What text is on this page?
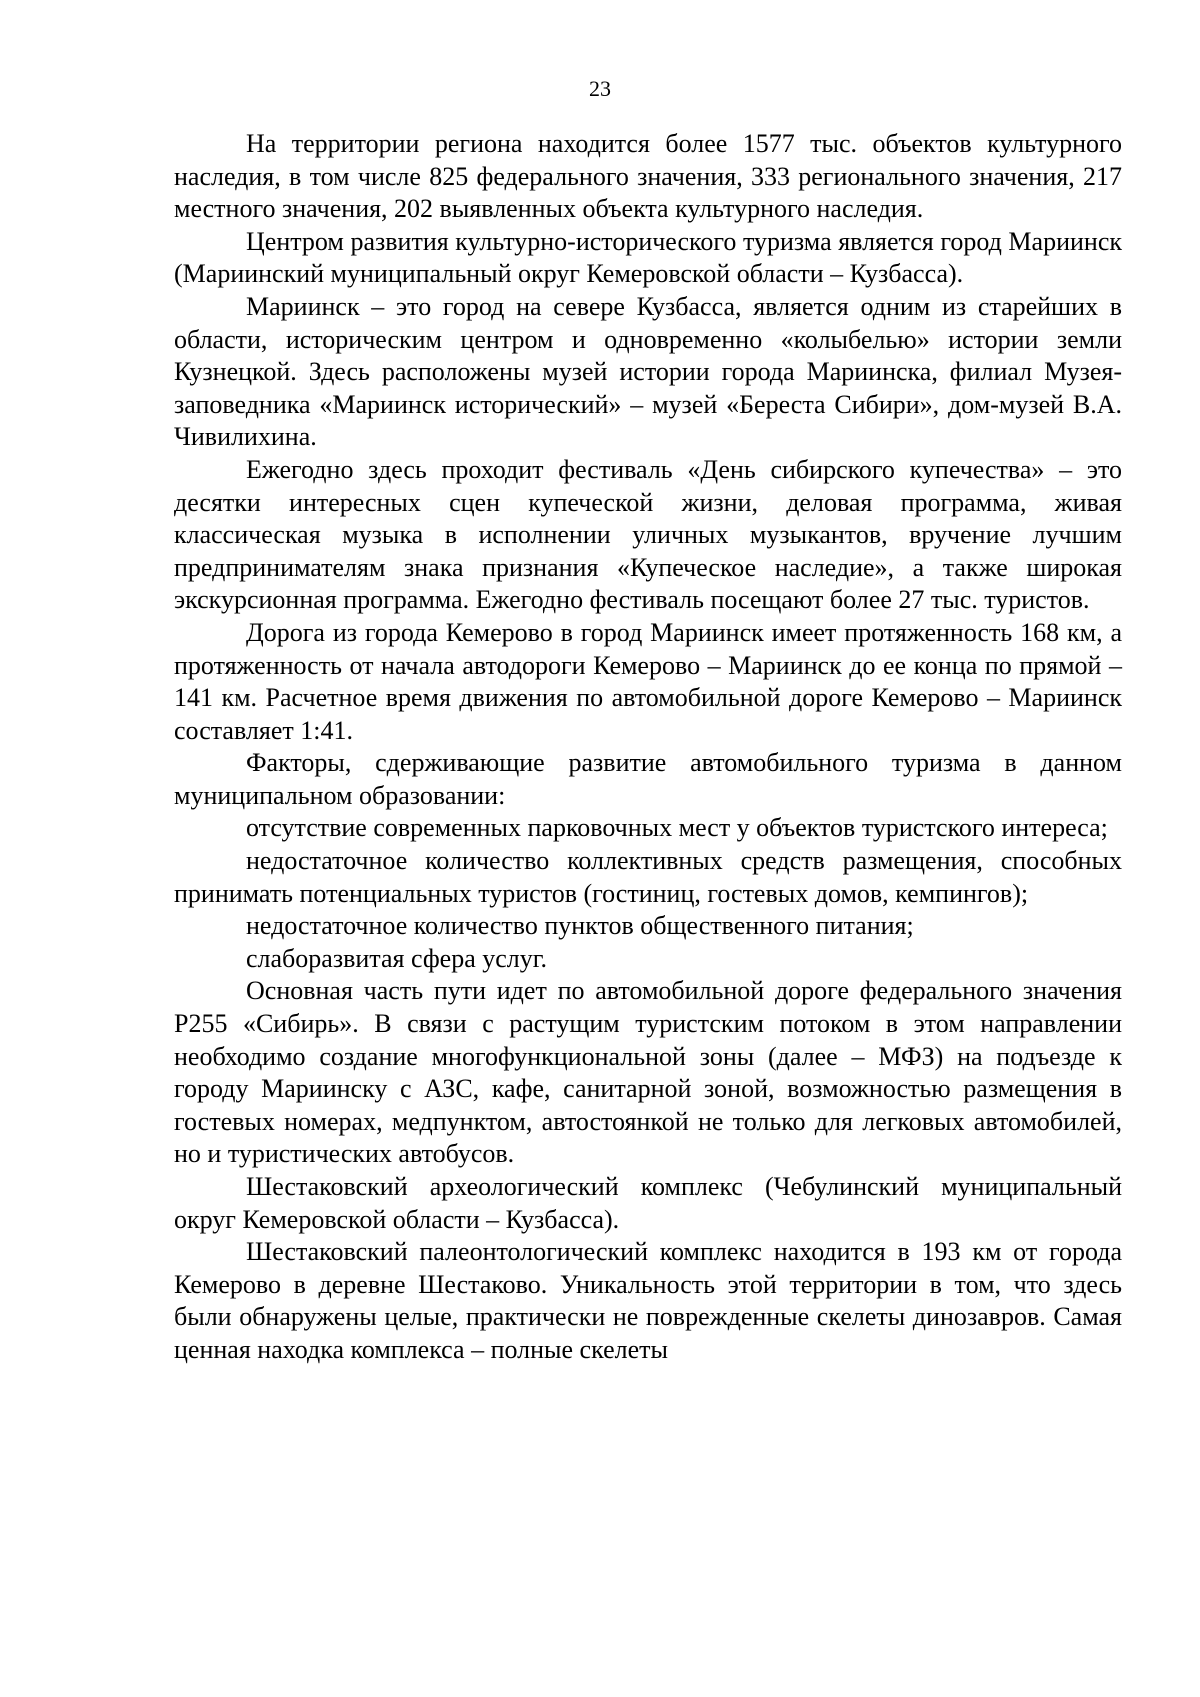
23

На территории региона находится более 1577 тыс. объектов культурного наследия, в том числе 825 федерального значения, 333 регионального значения, 217 местного значения, 202 выявленных объекта культурного наследия.

Центром развития культурно-исторического туризма является город Мариинск (Мариинский муниципальный округ Кемеровской области – Кузбасса).

Мариинск – это город на севере Кузбасса, является одним из старейших в области, историческим центром и одновременно «колыбелью» истории земли Кузнецкой. Здесь расположены музей истории города Мариинска, филиал Музея-заповедника «Мариинск исторический» – музей «Береста Сибири», дом-музей В.А. Чивилихина.

Ежегодно здесь проходит фестиваль «День сибирского купечества» – это десятки интересных сцен купеческой жизни, деловая программа, живая классическая музыка в исполнении уличных музыкантов, вручение лучшим предпринимателям знака признания «Купеческое наследие», а также широкая экскурсионная программа. Ежегодно фестиваль посещают более 27 тыс. туристов.

Дорога из города Кемерово в город Мариинск имеет протяженность 168 км, а протяженность от начала автодороги Кемерово – Мариинск до ее конца по прямой – 141 км. Расчетное время движения по автомобильной дороге Кемерово – Мариинск составляет 1:41.

Факторы, сдерживающие развитие автомобильного туризма в данном муниципальном образовании:

отсутствие современных парковочных мест у объектов туристского интереса;

недостаточное количество коллективных средств размещения, способных принимать потенциальных туристов (гостиниц, гостевых домов, кемпингов);

недостаточное количество пунктов общественного питания;

слаборазвитая сфера услуг.

Основная часть пути идет по автомобильной дороге федерального значения Р255 «Сибирь». В связи с растущим туристским потоком в этом направлении необходимо создание многофункциональной зоны (далее – МФЗ) на подъезде к городу Мариинску с АЗС, кафе, санитарной зоной, возможностью размещения в гостевых номерах, медпунктом, автостоянкой не только для легковых автомобилей, но и туристических автобусов.

Шестаковский археологический комплекс (Чебулинский муниципальный округ Кемеровской области – Кузбасса).

Шестаковский палеонтологический комплекс находится в 193 км от города Кемерово в деревне Шестаково. Уникальность этой территории в том, что здесь были обнаружены целые, практически не поврежденные скелеты динозавров. Самая ценная находка комплекса – полные скелеты
